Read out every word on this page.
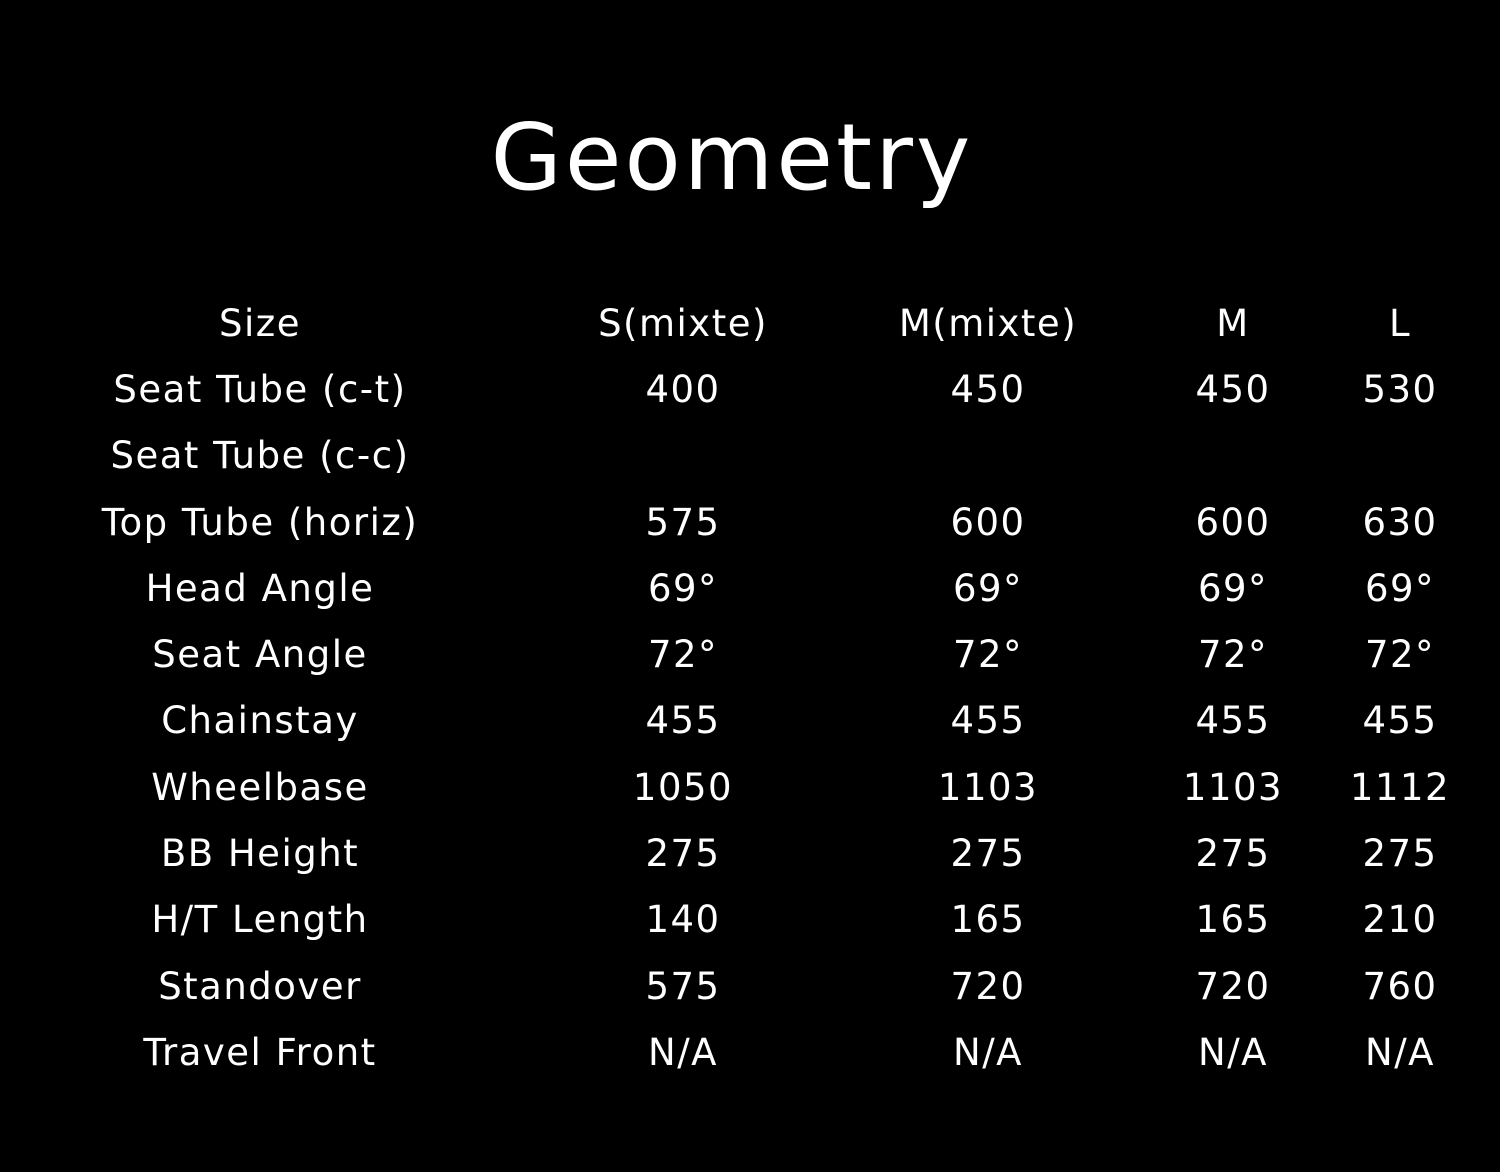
Geometry
Size	S(mixte)	M(mixte)	M	L
Seat Tube (c-t)	400	450	450	530
Seat Tube (c-c)				
Top Tube (horiz)	575	600	600	630
Head Angle	69°	69°	69°	69°
Seat Angle	72°	72°	72°	72°
Chainstay	455	455	455	455
Wheelbase	1050	1103	1103	1112
BB Height	275	275	275	275
H/T Length	140	165	165	210
Standover	575	720	720	760
Travel Front	N/A	N/A	N/A	N/A
